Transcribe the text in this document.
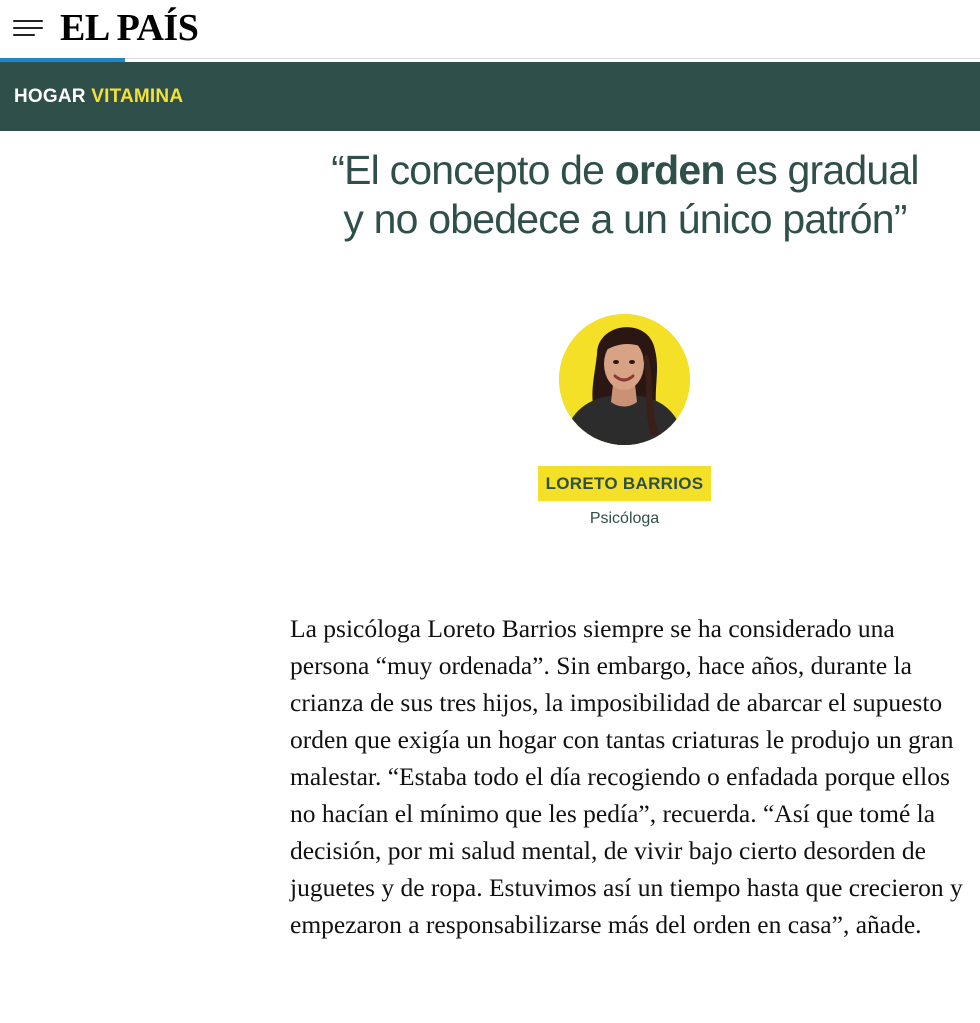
EL PAÍS
HOGAR VITAMINA
“El concepto de orden es gradual
y no obedece a un único patrón”
LORETO BARRIOS
Psicóloga

La psicóloga Loreto Barrios siempre se ha considerado una persona “muy ordenada”. Sin embargo, hace años, durante la crianza de sus tres hijos, la imposibilidad de abarcar el supuesto orden que exigía un hogar con tantas criaturas le produjo un gran malestar. “Estaba todo el día recogiendo o enfadada porque ellos no hacían el mínimo que les pedía”, recuerda. “Así que tomé la decisión, por mi salud mental, de vivir bajo cierto desorden de juguetes y de ropa. Estuvimos así un tiempo hasta que crecieron y empezaron a responsabilizarse más del orden en casa”, añade.
